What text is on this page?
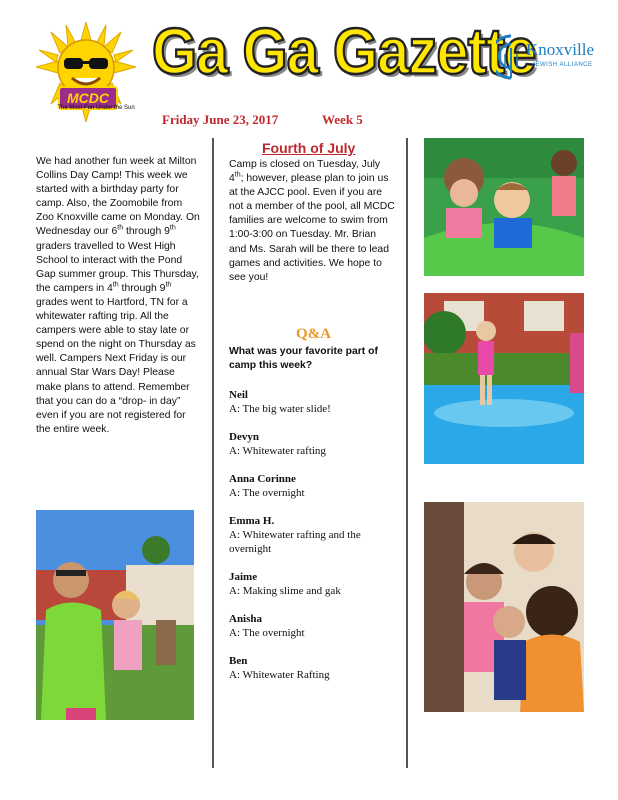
MCDC
The Most Fun Under the Sun
Ga Ga Gazette
Knoxville
JEWISH ALLIANCE
Friday June 23, 2017	Week 5
We had another fun week at Milton Collins Day Camp! This week we started with a birthday party for camp. Also, the Zoomobile from Zoo Knoxville came on Monday. On Wednesday our 6th through 9th graders travelled to West High School to interact with the Pond Gap summer group. This Thursday, the campers in 4th through 9th grades went to Hartford, TN for a whitewater rafting trip. All the campers were able to stay late or spend on the night on Thursday as well. Campers Next Friday is our annual Star Wars Day! Please make plans to attend. Remember that you can do a “drop- in day” even if you are not registered for the entire week.
Fourth of July
Camp is closed on Tuesday, July 4th; however, please plan to join us at the AJCC pool. Even if you are not a member of the pool, all MCDC families are welcome to swim from 1:00-3:00 on Tuesday. Mr. Brian and Ms. Sarah will be there to lead games and activities. We hope to see you!
Q&A
What was your favorite part of camp this week?
Neil
A: The big water slide!
Devyn
A: Whitewater rafting
Anna Corinne
A: The overnight
Emma H.
A: Whitewater rafting and the overnight
Jaime
A: Making slime and gak
Anisha
A: The overnight
Ben
A: Whitewater Rafting
